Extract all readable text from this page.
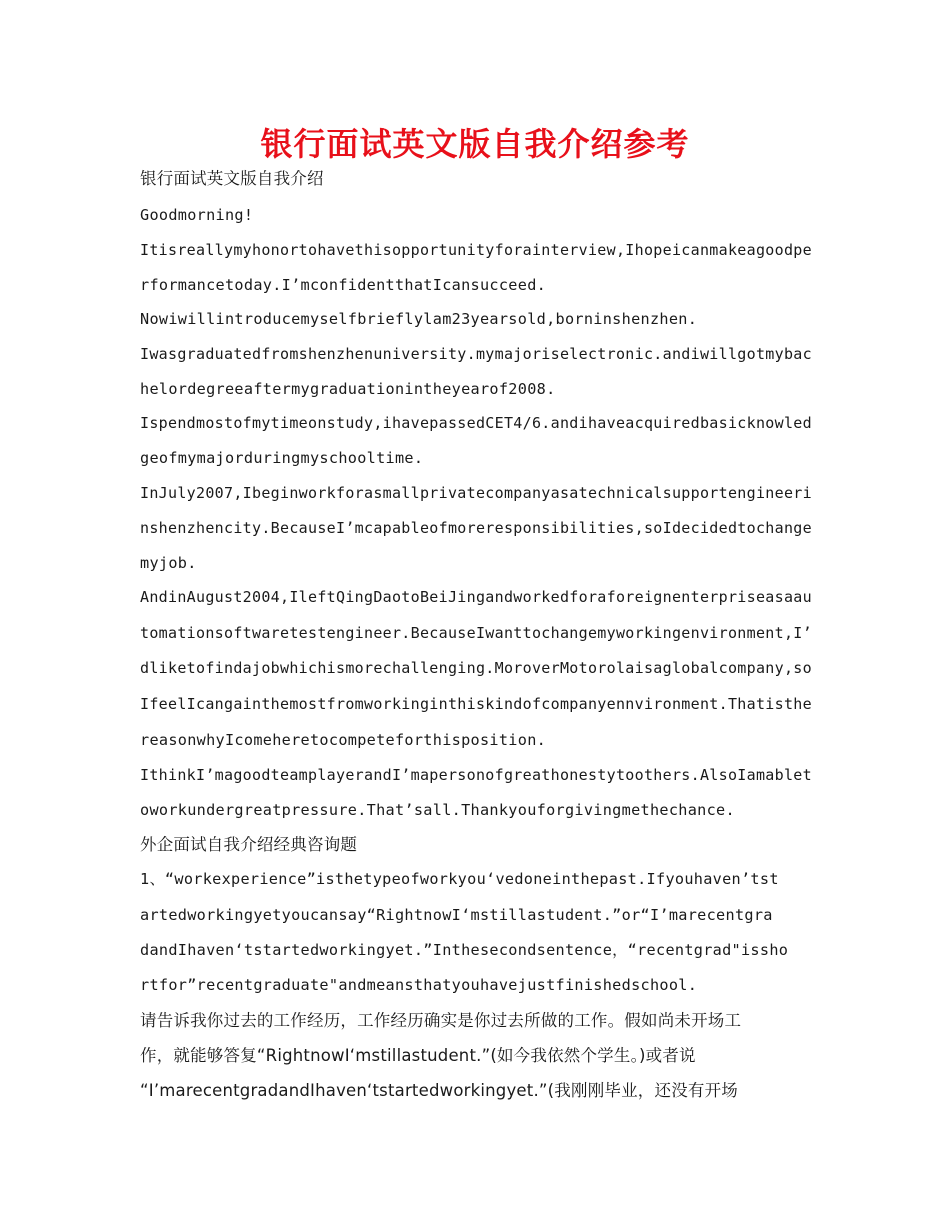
银行面试英文版自我介绍参考
银行面试英文版自我介绍
Goodmorning!
Itisreallymyhonortohavethisopportunityforainterview,Ihopeicanmakeagoodpe
rformancetoday.I’mconfidentthatIcansucceed.
Nowiwillintroducemyselfbrieflylam23yearsold,borninshenzhen.
Iwasgraduatedfromshenzhenuniversity.mymajoriselectronic.andiwillgotmybac
helordegreeaftermygraduationintheyearof2008.
Ispendmostofmytimeonstudy,ihavepassedCET4/6.andihaveacquiredbasicknowled
geofmymajorduringmyschooltime.
InJuly2007,Ibeginworkforasmallprivatecompanyasatechnicalsupportengineeri
nshenzhencity.BecauseI’mcapableofmoreresponsibilities,soIdecidedtochange
myjob.
AndinAugust2004,IleftQingDaotoBeiJingandworkedforaforeignenterpriseasaau
tomationsoftwaretestengineer.BecauseIwanttochangemyworkingenvironment,I’
dliketofindajobwhichismorechallenging.MoroverMotorolaisaglobalcompany,so
IfeelIcangainthemostfromworkinginthiskindofcompanyennvironment.Thatisthe
reasonwhyIcomeheretocompeteforthisposition.
IthinkI’magoodteamplayerandI’mapersonofgreathonestytoothers.AlsoIamablet
oworkundergreatpressure.That’sall.Thankyouforgivingmethechance.
外企面试自我介绍经典咨询题
1、“workexperience”isthetypeofworkyou‘vedoneinthepast.Ifyouhaven’tst
artedworkingyetyoucansay“RightnowI‘mstillastudent.”or“I’marecentgra
dandIhaven‘tstartedworkingyet.”Inthesecondsentence，“recentgrad"issho
rtfor”recentgraduate"andmeansthatyouhavejustfinishedschool.
请告诉我你过去的工作经历，工作经历确实是你过去所做的工作。假如尚未开场工
作，就能够答复“RightnowI‘mstillastudent.”(如今我依然个学生。)或者说
“I’marecentgradandIhaven‘tstartedworkingyet.”(我刚刚毕业，还没有开场
